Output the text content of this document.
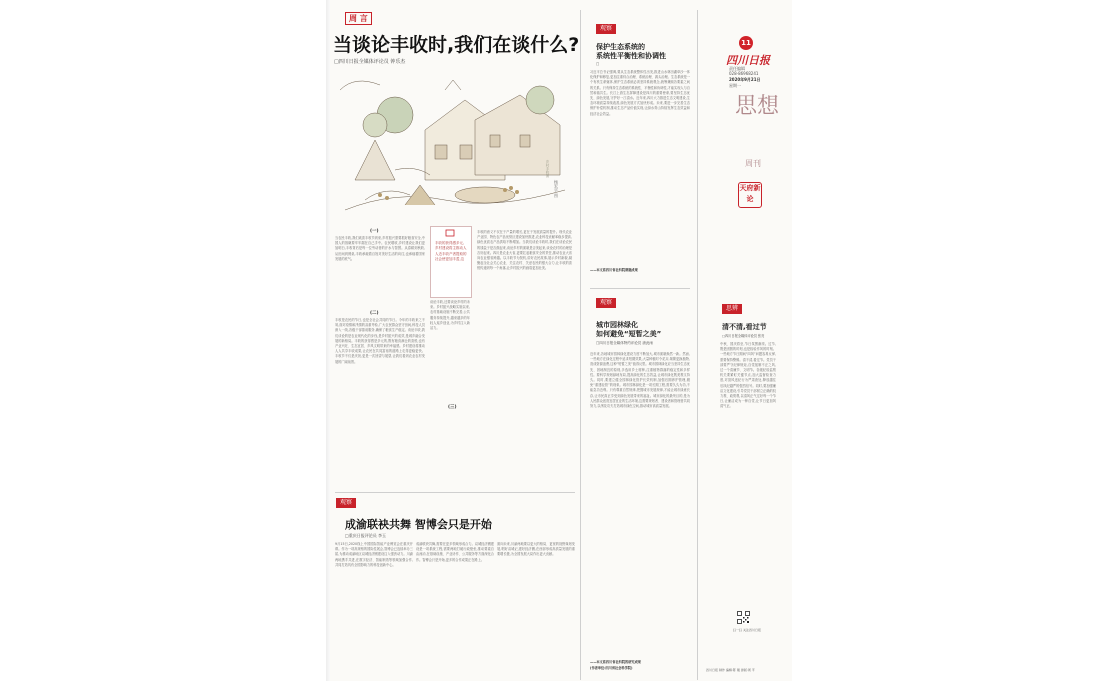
周 言
当谈论丰收时,我们在谈什么?
□四川日报全媒体评论员 钟乐杰
乡村丰收图
杨宏宇 图
(一)
当农民丰收,我们欢喜丰收节到来,乡村振兴需要抓好粮食安全,中国人的饭碗要牢牢端在自己手中。农民增收,乡村建设让我们更加明白,丰收背后是每一位劳动者的汗水与智慧。从春耕到秋收,从田间到餐桌,丰收承载着百姓对美好生活的向往,也承载着国家发展的底气。
(二)
丰收是农民的节日,也是全社会共同的节日。今年的丰收来之不易,面对疫情和汛情的双重考验,广大农民群众坚守田间,科技人员深入一线,各级干部靠前服务,确保了粮食生产稳定。谈论丰收,我们谈论的是农业现代化的步伐,是乡村振兴的成效,是城乡融合发展的新格局。丰收的获得感是多元的,既有粮食满仓的喜悦,也有产业兴旺、生态宜居、乡风文明带来的幸福感。乡村建设将推动人人共享丰收成果,让农民在共同富裕的道路上走得更稳更快。丰收节不仅是庆祝,更是一次回望与展望,让我们看到农业农村发展的广阔前景。
丰收的获得感多元,乡村建设将主推动人人近丰收产者提取的社会使更加丰盈,这
谈论丰收,还要谈论乡村的未来。乡村振兴战略实施以来,农村基础设施不断完善,公共服务持续提升,越来越多的年轻人返乡创业,为乡村注入新活力。
(三)
丰收的意义不仅在于产量的增长,更在于发展质量的提升。现代农业产业园、特色农产品优势区建设加快推进,农业科技贡献率稳步提高,绿色优质农产品供给不断增加。当我们谈论丰收时,我们在谈论农民的钱袋子是否鼓起来,谈论乡村的面貌是否美起来,谈论农村的治理是否好起来。四川是农业大省,更要扛起粮食安全的责任,推动农业大省向农业强省跨越。以丰收节为契机,讲好农民故事,展示乡村新貌,凝聚起全社会关心农业、关注农村、关爱农民的强大合力,让丰收的喜悦传递到每一个角落,让乡村振兴的画卷更加壮美。
观察
成渝联袂共舞 智博会只是开始
□重庆日报评论员 李玉
9月15日,2020线上中国国际智能产业博览会在重庆开幕。作为一项高规格的国际性展会,智博会已连续举办三届,为推动成渝地区双城经济圈建设注入强劲动力。川渝两地携手共进,在数字经济、智能制造等领域加强合作,共同打造具有全国影响力的科技创新中心。
成渝联袂共舞,需要在更多领域形成合力。双城经济圈建设是一项系统工程,需要两地打破行政壁垒,推动要素自由流动,在基础设施、产业协作、公共服务等方面深化合作。智博会只是开始,更多的合作成果正在路上。
面向未来,川渝两地要以更大的格局、更宽的视野谋划发展,唱好双城记,建好经济圈,在西部形成高质量发展的重要增长极,为全国发展大局作出更大贡献。
观察
保护生态系统的
系统性平衡性和协调性
□
习近平总书记强调,要从生态系统整体性出发,推进山水林田湖草沙一体化保护和修复,更加注重综合治理、系统治理、源头治理。生态系统是一个有机生命躯体,保护生态系统必须坚持系统观念,统筹兼顾各要素之间的关系。只有保持生态系统的系统性、平衡性和协调性,才能实现人与自然和谐共生。长江上游生态屏障建设是四川的重要使命,要坚持生态优先、绿色发展,守护好一江清水。近年来,四川大力推进生态文明建设,生态环境质量持续改善,绿色发展方式加快形成。未来,要进一步完善生态保护补偿机制,推动生态产品价值实现,让绿水青山持续发挥生态效益和经济社会效益。
——本文系四川省社科院课题成果
观察
城市园林绿化
如何避免“短暂之美”
□四川日报全媒体特约评论员 唐此雨
近年来,各地城市园林绿化建设力度不断加大,城市面貌焕然一新。然而,一些地方在绿化过程中追求短期效果,大量种植时令花卉,频繁更换植物,造成资源浪费,这种“短暂之美”值得反思。城市园林绿化应当坚持生态优先、因地制宜的原则,多选用乡土树种,注重植物群落的稳定性和多样性。要科学规划绿地布局,提高绿化的生态效益,让城市绿化既美观又持久。同时,要建立健全园林绿化管护长效机制,加强后期养护管理,避免“重建轻管”的现象。城市园林绿化是一项长期工程,需要久久为功,不能急功近利。只有尊重自然规律,把握城市发展规律,才能让城市绿意长存,让市民真正享受到绿色发展带来的福祉。城市绿化的最终目的,是为人民群众创造宜居宜业的生活环境,这需要规划者、建设者和管理者共同努力,以绣花功夫打造城市绿色空间,推动城市高质量发展。
——本文系四川省社科院的研究成果
(作者单位:四川省社会科学院)
11
四川日报
责任编辑
028-86968241
2020年9月21日
星期一
思想
周刊
天府新论
思辨
清不清,看过节
□四川日报全媒体评论员 张亮
中秋、国庆将至,节日氛围渐浓。过节,既是团圆的时刻,也是检验作风的时刻。一些地方节日期间“四风”问题容易反弹,需要保持警惕。清不清,看过节。党员干部要严守纪律规矩,自觉抵制不正之风,过一个清廉节、文明节。各级纪检监察机关要紧盯关键节点,加大监督检查力度,对顶风违纪行为严肃查处,释放越往后执纪越严的强烈信号。同时,要加强廉洁文化建设,引导党员干部树立正确的权力观、政绩观,以清风正气过好每一个节日,让廉洁成为一种自觉,让节日更加风清气正。
扫一扫 关注四川日报
四川日报 制作 编辑:陈 刚 排版:周 平
